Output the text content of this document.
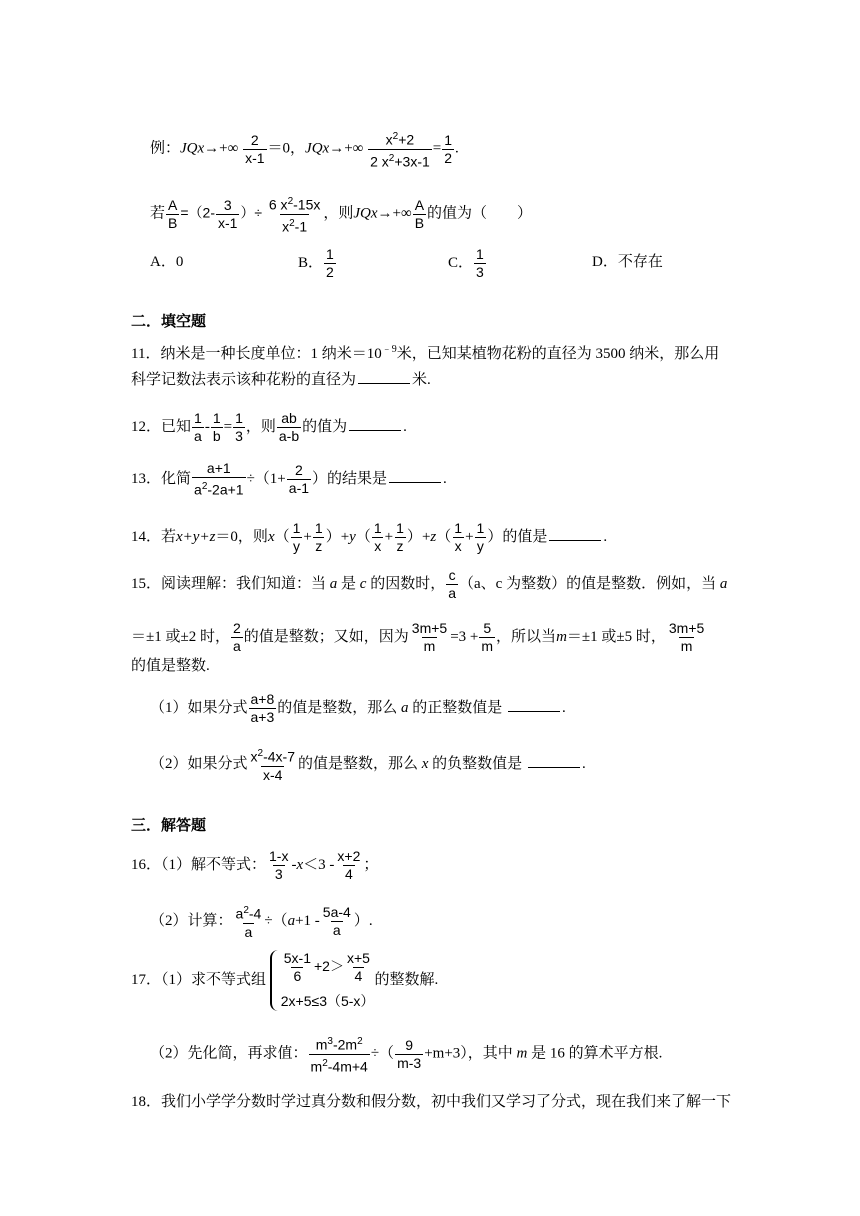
例：$JQx\to+\infty \frac{2}{x-1} =0$，$JQx\to+\infty \frac{x^2+2}{2 x^2+3x-1} = \frac{1}{2}$ .
若 $\frac{A}{B} =(2- \frac{3}{x-1}$ ）÷ $\frac{6 x^2-15x}{x^2-1}$ ，则$JQx\to+\infty \frac{A}{B}$ 的值为（　　）
A．0	B． $\frac{1}{2}$	C． $\frac{1}{3}$	D．不存在
二．填空题
11．纳米是一种长度单位：1 纳米$=10^{﹣9}$米，已知某植物花粉的直径为 3500 纳米，那么用
科学记数法表示该种花粉的直径为	米.
12．已知 $\frac{1}{a} - \frac{1}{b} = \frac{1}{3}$ ，则 $\frac{ab}{a-b}$ 的值为	.
13．化简 $\frac{a+1}{a^2-2a+1} \div(1+ \frac{2}{a-1}$ ）的结果是	.
14．若x+y+z＝0，则$x( \frac{1}{y} + \frac{1}{z} )+y( \frac{1}{x} + \frac{1}{z} )+z( \frac{1}{x} + \frac{1}{y}$ ）的值是	.
15．阅读理解：我们知道：当 a 是 c 的因数时， $\frac{c}{a} (a$、c 为整数）的值是整数．例如，当 a
＝±1 或±2 时， $\frac{2}{a}$ 的值是整数；又如，因为 $\frac{3m+5}{m} =3 + \frac{5}{m}$ ，所以当m＝±1 或±5 时， $\frac{3m+5}{m}$
的值是整数.
（1）如果分式 $\frac{a+8}{a+3}$ 的值是整数，那么 a 的正整数值是	.
（2）如果分式 $\frac{x^2-4x-7}{x-4}$ 的值是整数，那么 x 的负整数值是	.
三．解答题
16．（1）解不等式： $\frac{1-x}{3} -x<3 - \frac{x+2}{4}$ ；
（2）计算： $\frac{a^2-4}{a} \div(a+1 - \frac{5a-4}{a}$ ）.
17．（1）求不等式组 $\frac{5x-1}{6} +2> \frac{x+5}{4}$
2x+5≤3（5-x）
的整数解.
（2）先化简，再求值： $\frac{m^3-2m^2}{m^2-4m+4}$ ÷（ $\frac{9}{m-3} +m+3$），其中 m 是 16 的算术平方根.
18．我们小学学分数时学过真分数和假分数，初中我们又学习了分式，现在我们来了解一下
